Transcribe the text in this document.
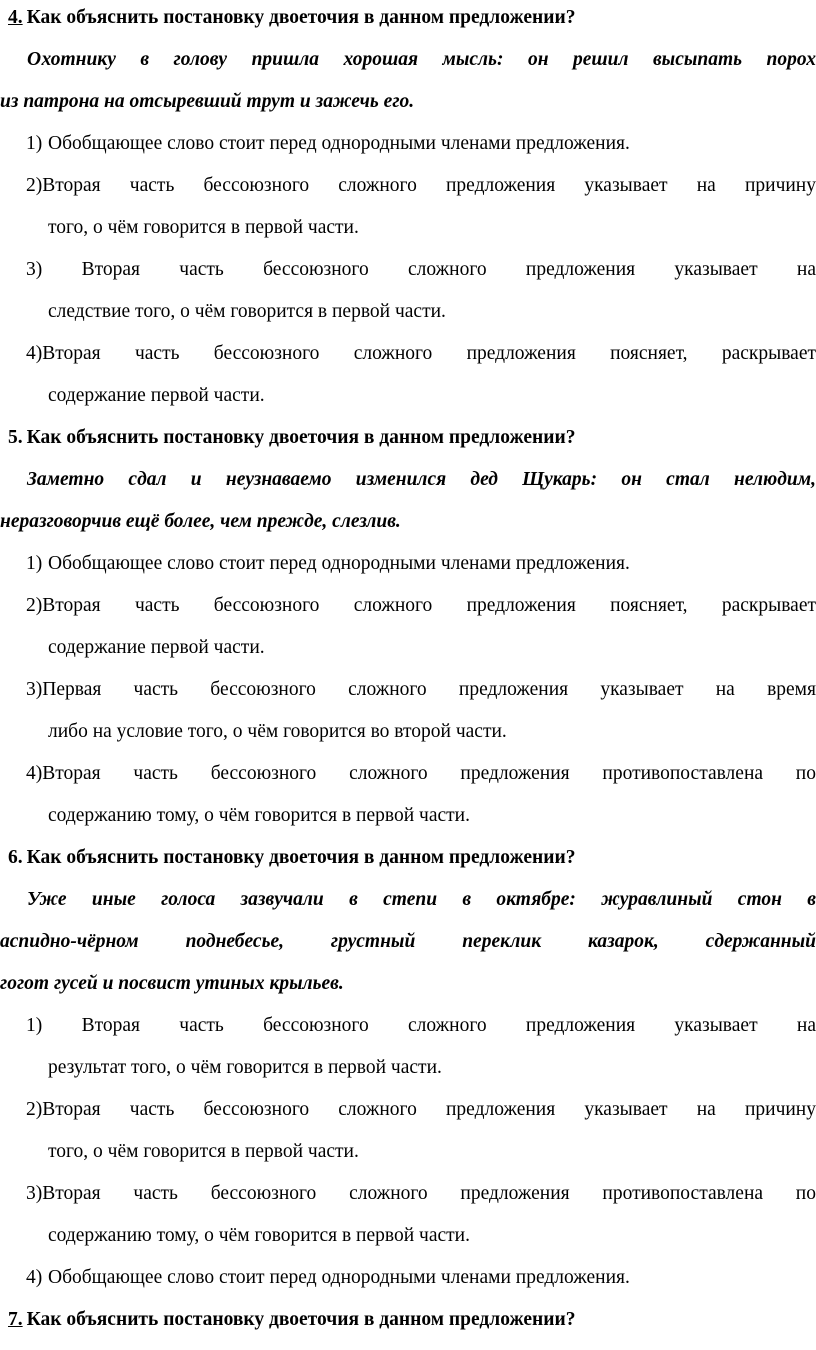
4. Как объяснить постановку двоеточия в данном предложении?
Охотнику в голову пришла хорошая мысль: он решил высыпать порох
из патрона на отсыревший трут и зажечь его.
1) Обобщающее слово стоит перед однородными членами предложения.
2)Вторая часть бессоюзного сложного предложения указывает на причину
того, о чём говорится в первой части.
3) Вторая часть бессоюзного сложного предложения указывает на
следствие того, о чём говорится в первой части.
4)Вторая часть бессоюзного сложного предложения поясняет, раскрывает
содержание первой части.
5. Как объяснить постановку двоеточия в данном предложении?
Заметно сдал и неузнаваемо изменился дед Щукарь: он стал нелюдим,
неразговорчив ещё более, чем прежде, слезлив.
1) Обобщающее слово стоит перед однородными членами предложения.
2)Вторая часть бессоюзного сложного предложения поясняет, раскрывает
содержание первой части.
3)Первая часть бессоюзного сложного предложения указывает на время
либо на условие того, о чём говорится во второй части.
4)Вторая часть бессоюзного сложного предложения противопоставлена по
содержанию тому, о чём говорится в первой части.
6. Как объяснить постановку двоеточия в данном предложении?
Уже иные голоса зазвучали в степи в октябре: журавлиный стон в
аспидно-чёрном поднебесье, грустный переклик казарок, сдержанный
гогот гусей и посвист утиных крыльев.
1) Вторая часть бессоюзного сложного предложения указывает на
результат того, о чём говорится в первой части.
2)Вторая часть бессоюзного сложного предложения указывает на причину
того, о чём говорится в первой части.
3)Вторая часть бессоюзного сложного предложения противопоставлена по
содержанию тому, о чём говорится в первой части.
4) Обобщающее слово стоит перед однородными членами предложения.
7. Как объяснить постановку двоеточия в данном предложении?
